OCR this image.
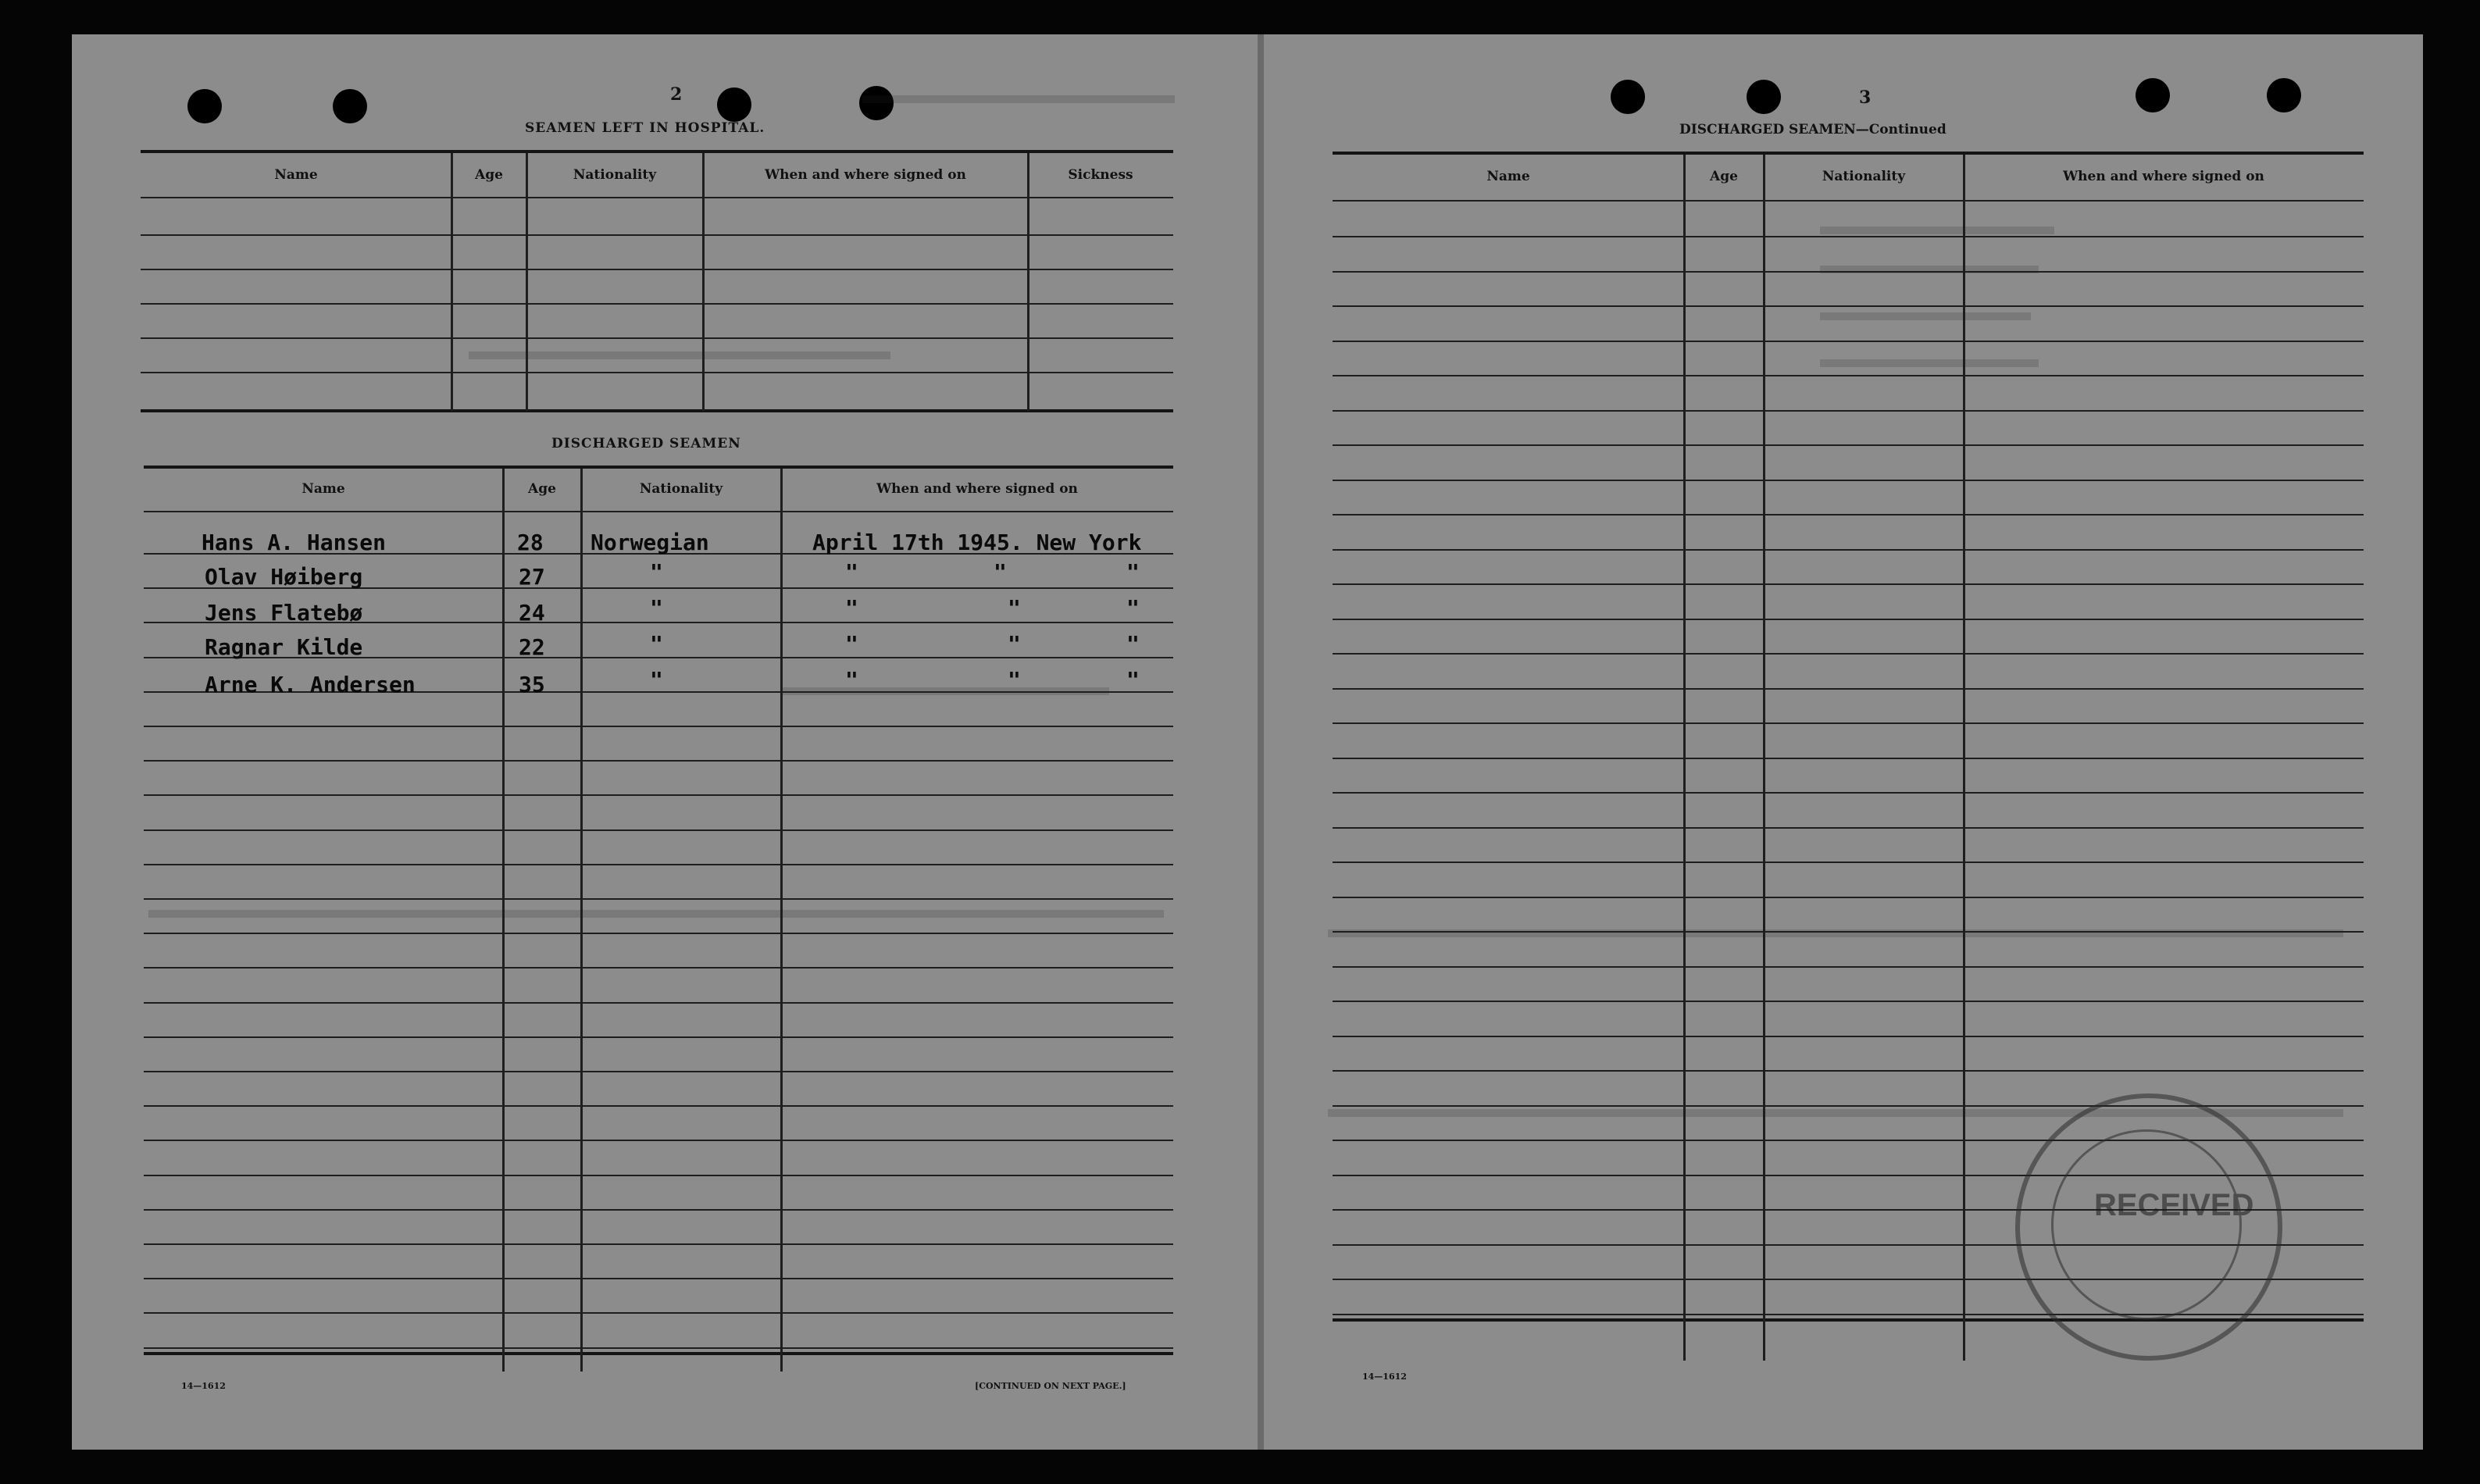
2
SEAMEN LEFT IN HOSPITAL.
Name	Age	Nationality	When and where signed on	Sickness
DISCHARGED SEAMEN
Name	Age	Nationality	When and where signed on
Hans A. Hansen	28 Norwegian	April 17th 1945. New York
Olav Høiberg	27	"	"	"	"
Jens Flatebø	24	"	"	"	"
Ragnar Kilde	22	"	"	"	"
Arne K. Andersen	35	"	"	"	"
14—1612	[CONTINUED ON NEXT PAGE.]
3
DISCHARGED SEAMEN—Continued
Name	Age	Nationality	When and where signed on
RECEIVED
14—1612
